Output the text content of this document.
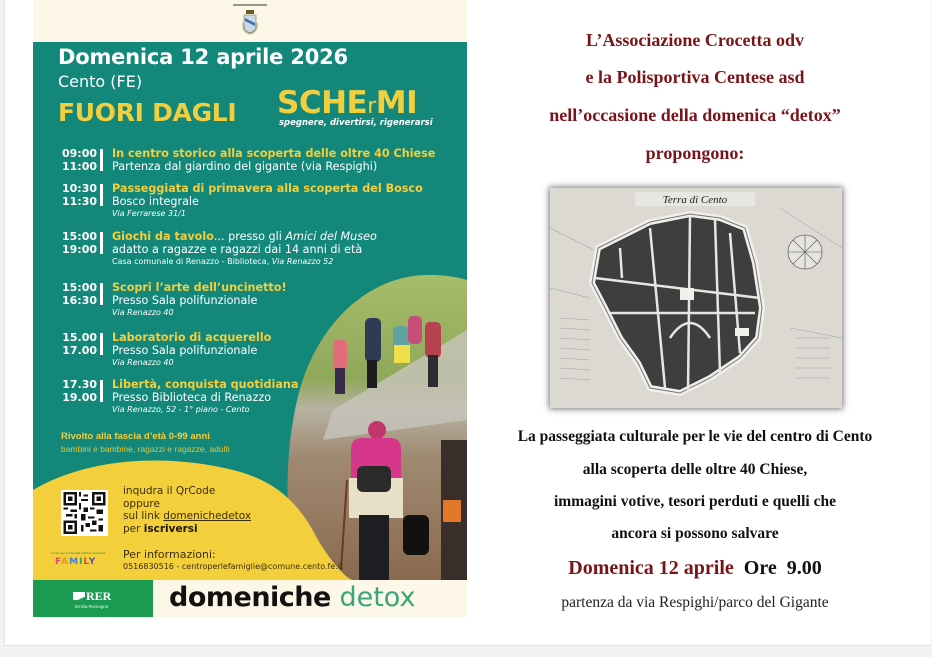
Domenica 12 aprile 2026
Cento (FE)
FUORI DAGLI SCHErMI
spegnere, divertirsi, rigenerarsi
09:00
11:00
In centro storico alla scoperta delle oltre 40 Chiese
Partenza dal giardino del gigante (via Respighi)
10:30
11:30
Passeggiata di primavera alla scoperta del Bosco
Bosco integrale
Via Ferrarese 31/1
15:00
19:00
Giochi da tavolo... presso gli Amici del Museo
adatto a ragazze e ragazzi dai 14 anni di età
Casa comunale di Renazzo - Biblioteca, Via Renazzo 52
15:00
16:30
Scopri l’arte dell’uncinetto!
Presso Sala polifunzionale
Via Renazzo 40
15.00
17.00
Laboratorio di acquerello
Presso Sala polifunzionale
Via Renazzo 40
17.30
19.00
Libertà, conquista quotidiana
Presso Biblioteca di Renazzo
Via Renazzo, 52 - 1° piano - Cento
Rivolto alla fascia d’età 0-99 anni
bambini e bambine, ragazzi e ragazze, adulti
inqudra il QrCode
oppure
sul link domenichedetox
per iscriversi
Centro per le Famiglie dell'Alto Ferrarese
FAMILY
Per informazioni:
0516830516 - centroperlefamiglie@comune.cento.fe.it
RER
Emilia-Romagna domeniche detox
L’Associazione Crocetta odv
e la Polisportiva Centese asd
nell’occasione della domenica “detox”
propongono:
La passeggiata culturale per le vie del centro di Cento
alla scoperta delle oltre 40 Chiese,
immagini votive, tesori perduti e quelli che
ancora si possono salvare
Domenica 12 aprile Ore  9.00
partenza da via Respighi/parco del Gigante
Terra di Cento
